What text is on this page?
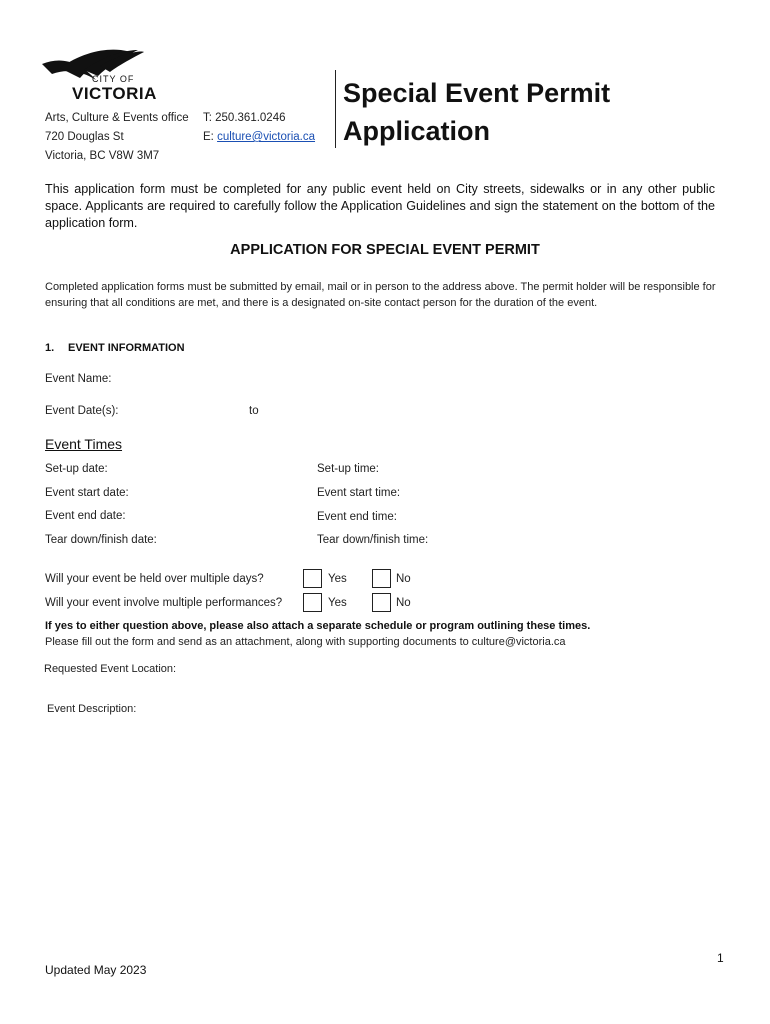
CITY OF
VICTORIA
Arts, Culture & Events office
720 Douglas St
Victoria, BC V8W 3M7
T: 250.361.0246
E: culture@victoria.ca
Special Event Permit
Application
This application form must be completed for any public event held on City streets, sidewalks or in any other public space. Applicants are required to carefully follow the Application Guidelines and sign the statement on the bottom of the application form.
APPLICATION FOR SPECIAL EVENT PERMIT
Completed application forms must be submitted by email, mail or in person to the address above. The permit holder will be responsible for ensuring that all conditions are met, and there is a designated on-site contact person for the duration of the event.
1. EVENT INFORMATION
Event Name:
Event Date(s):	to
Event Times
Set-up date:	Set-up time:
Event start date:	Event start time:
Event end date:	Event end time:
Tear down/finish date:	Tear down/finish time:
Will your event be held over multiple days?	Yes	No
Will your event involve multiple performances?	Yes	No
If yes to either question above, please also attach a separate schedule or program outlining these times.
Please fill out the form and send as an attachment, along with supporting documents to culture@victoria.ca
Requested Event Location:
Event Description:
1
Updated May 2023
